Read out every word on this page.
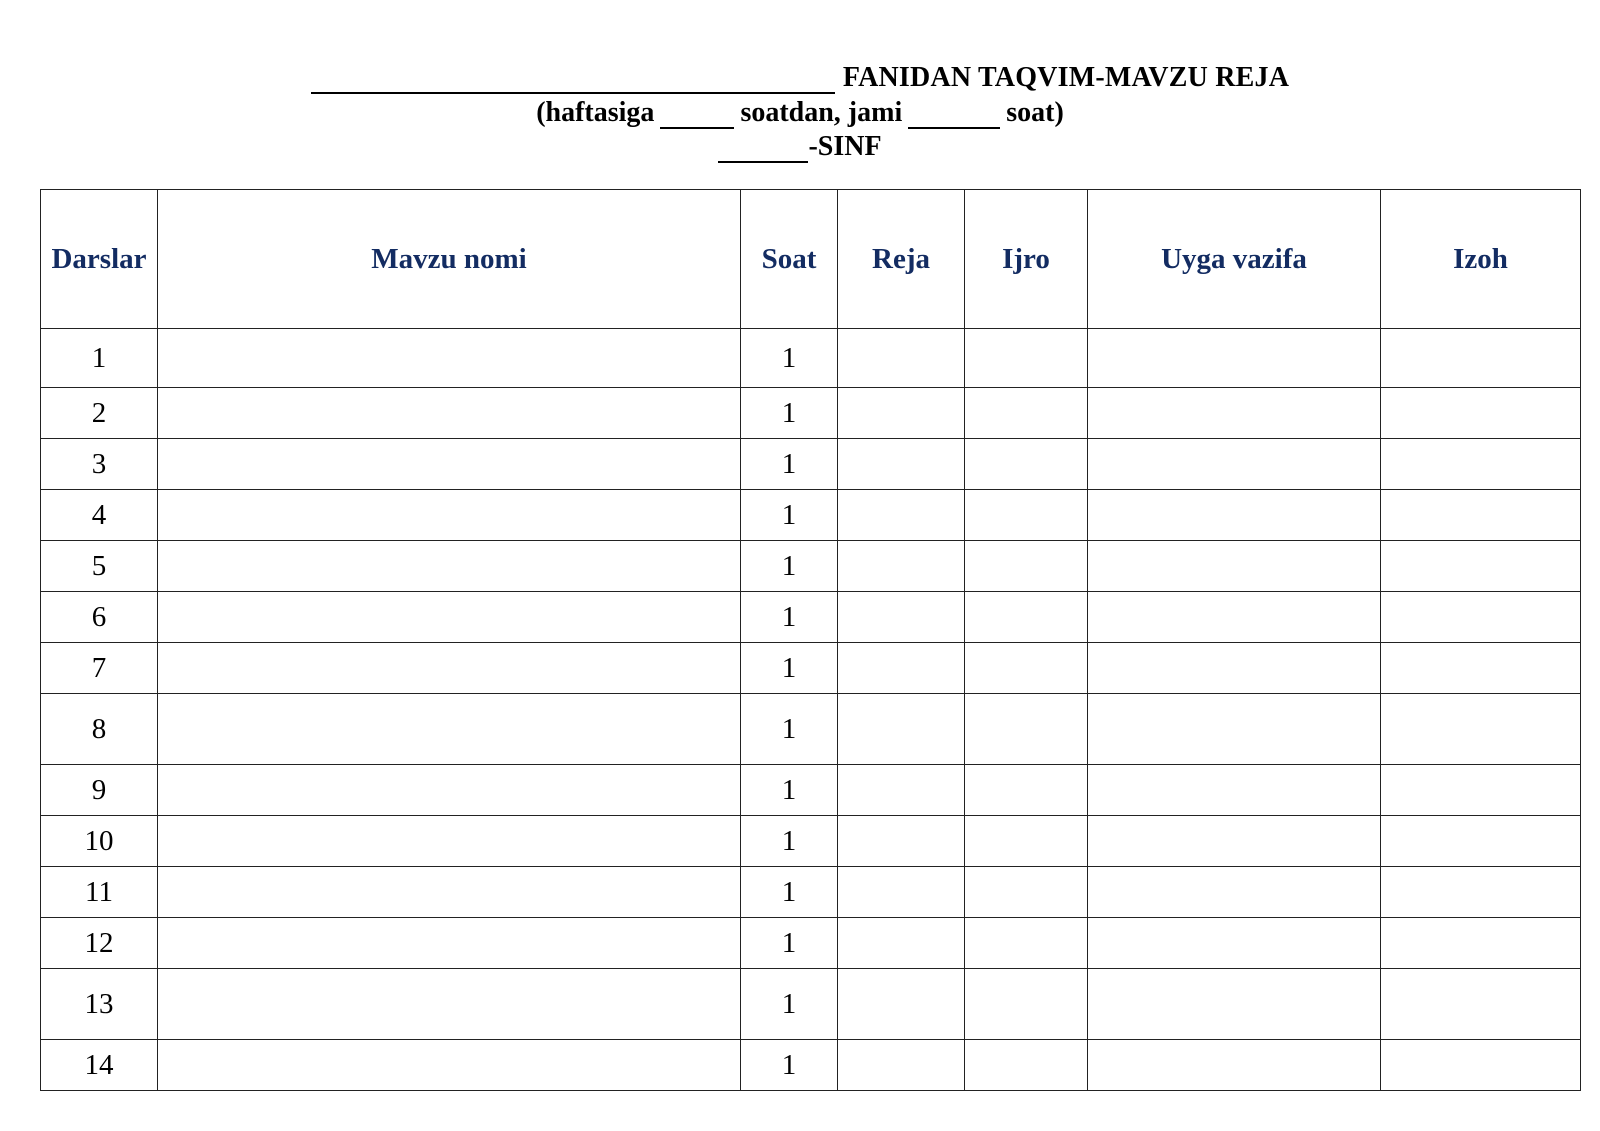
FANIDAN TAQVIM-MAVZU REJA
(haftasiga	soatdan, jami	soat)
-SINF
Darslar	Mavzu nomi	Soat	Reja	Ijro	Uyga vazifa	Izoh
1		1				
2		1				
3		1				
4		1				
5		1				
6		1				
7		1				
8		1				
9		1				
10		1				
11		1				
12		1				
13		1				
14		1				
